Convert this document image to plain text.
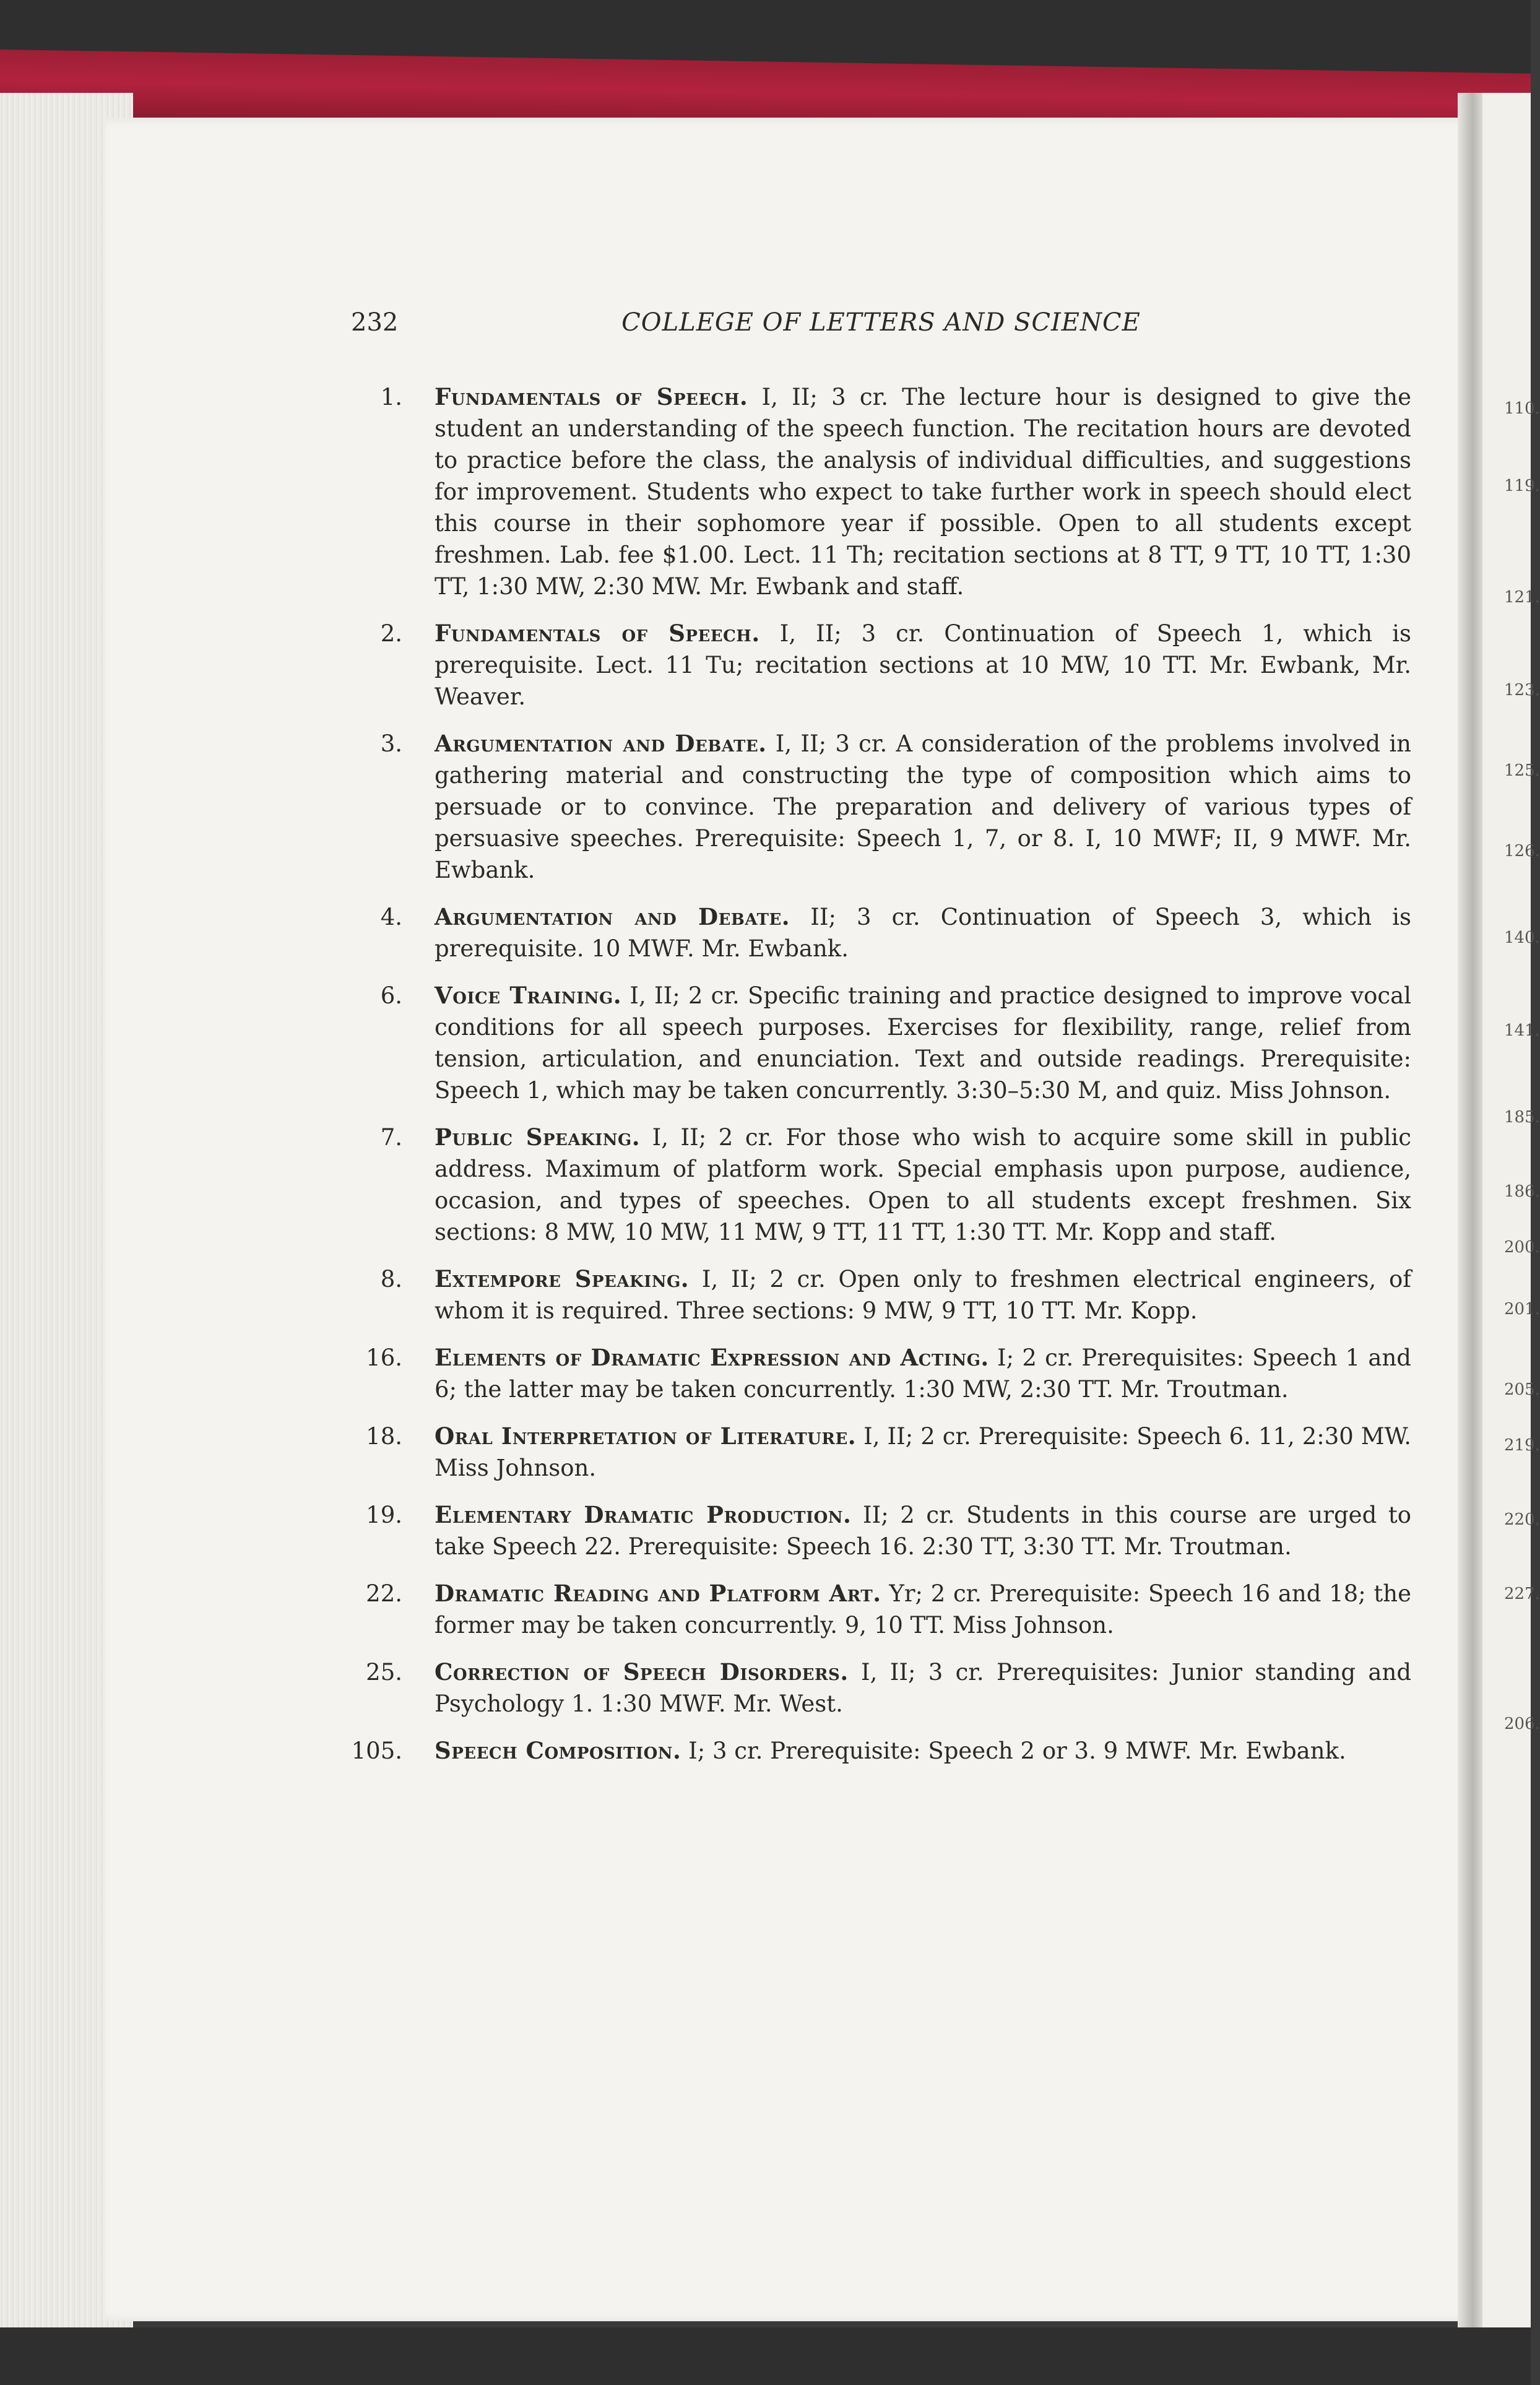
110.
119.
121.
123.
125.
126.
140.
141.
185.
186.
200.
201.
205.
219.
220.
227.
206.
232	COLLEGE OF LETTERS AND SCIENCE
1. Fundamentals of Speech. I, II; 3 cr. The lecture hour is designed to give the student an understanding of the speech function. The recitation hours are devoted to practice before the class, the analysis of individual difficulties, and suggestions for improvement. Students who expect to take further work in speech should elect this course in their sophomore year if possible. Open to all students except freshmen. Lab. fee $1.00. Lect. 11 Th; recitation sections at 8 TT, 9 TT, 10 TT, 1:30 TT, 1:30 MW, 2:30 MW. Mr. Ewbank and staff.
2. Fundamentals of Speech. I, II; 3 cr. Continuation of Speech 1, which is prerequisite. Lect. 11 Tu; recitation sections at 10 MW, 10 TT. Mr. Ewbank, Mr. Weaver.
3. Argumentation and Debate. I, II; 3 cr. A consideration of the problems involved in gathering material and constructing the type of composition which aims to persuade or to convince. The preparation and delivery of various types of persuasive speeches. Prerequisite: Speech 1, 7, or 8. I, 10 MWF; II, 9 MWF. Mr. Ewbank.
4. Argumentation and Debate. II; 3 cr. Continuation of Speech 3, which is prerequisite. 10 MWF. Mr. Ewbank.
6. Voice Training. I, II; 2 cr. Specific training and practice designed to improve vocal conditions for all speech purposes. Exercises for flexibility, range, relief from tension, articulation, and enunciation. Text and outside readings. Prerequisite: Speech 1, which may be taken concurrently. 3:30–5:30 M, and quiz. Miss Johnson.
7. Public Speaking. I, II; 2 cr. For those who wish to acquire some skill in public address. Maximum of platform work. Special emphasis upon purpose, audience, occasion, and types of speeches. Open to all students except freshmen. Six sections: 8 MW, 10 MW, 11 MW, 9 TT, 11 TT, 1:30 TT. Mr. Kopp and staff.
8. Extempore Speaking. I, II; 2 cr. Open only to freshmen electrical engineers, of whom it is required. Three sections: 9 MW, 9 TT, 10 TT. Mr. Kopp.
16. Elements of Dramatic Expression and Acting. I; 2 cr. Prerequisites: Speech 1 and 6; the latter may be taken concurrently. 1:30 MW, 2:30 TT. Mr. Troutman.
18. Oral Interpretation of Literature. I, II; 2 cr. Prerequisite: Speech 6. 11, 2:30 MW. Miss Johnson.
19. Elementary Dramatic Production. II; 2 cr. Students in this course are urged to take Speech 22. Prerequisite: Speech 16. 2:30 TT, 3:30 TT. Mr. Troutman.
22. Dramatic Reading and Platform Art. Yr; 2 cr. Prerequisite: Speech 16 and 18; the former may be taken concurrently. 9, 10 TT. Miss Johnson.
25. Correction of Speech Disorders. I, II; 3 cr. Prerequisites: Junior standing and Psychology 1. 1:30 MWF. Mr. West.
105. Speech Composition. I; 3 cr. Prerequisite: Speech 2 or 3. 9 MWF. Mr. Ewbank.
